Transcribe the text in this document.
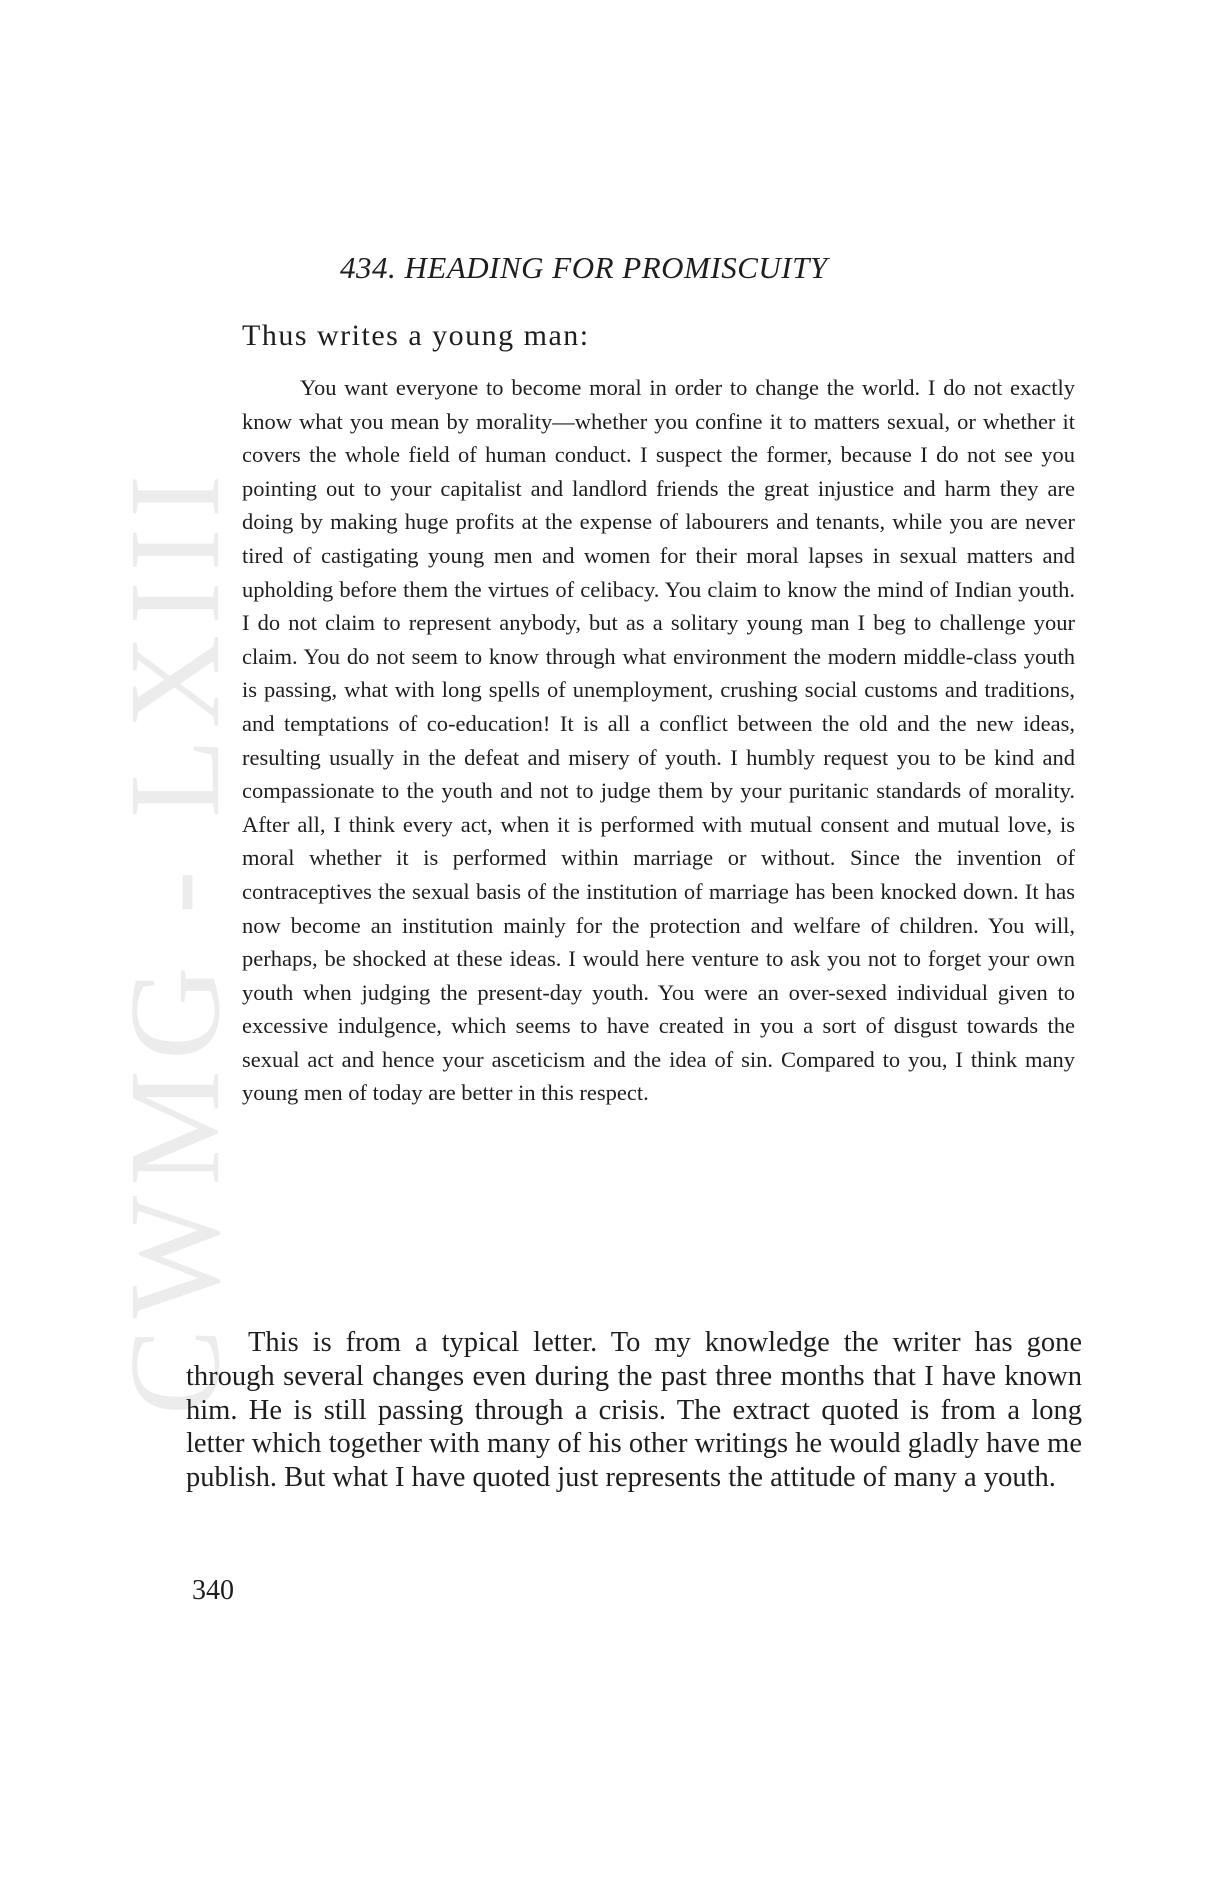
CWMG - LXIII
434. HEADING FOR PROMISCUITY
Thus writes a young man:

You want everyone to become moral in order to change the world. I do not exactly know what you mean by morality—whether you confine it to matters sexual, or whether it covers the whole field of human conduct. I suspect the former, because I do not see you pointing out to your capitalist and landlord friends the great injustice and harm they are doing by making huge profits at the expense of labourers and tenants, while you are never tired of castigating young men and women for their moral lapses in sexual matters and upholding before them the virtues of celibacy. You claim to know the mind of Indian youth. I do not claim to represent anybody, but as a solitary young man I beg to challenge your claim. You do not seem to know through what environment the modern middle-class youth is passing, what with long spells of unemployment, crushing social customs and traditions, and temptations of co-education! It is all a conflict between the old and the new ideas, resulting usually in the defeat and misery of youth. I humbly request you to be kind and compassionate to the youth and not to judge them by your puritanic standards of morality. After all, I think every act, when it is performed with mutual consent and mutual love, is moral whether it is performed within marriage or without. Since the invention of contraceptives the sexual basis of the institution of marriage has been knocked down. It has now become an institution mainly for the protection and welfare of children. You will, perhaps, be shocked at these ideas. I would here venture to ask you not to forget your own youth when judging the present-day youth. You were an over-sexed individual given to excessive indulgence, which seems to have created in you a sort of disgust towards the sexual act and hence your asceticism and the idea of sin. Compared to you, I think many young men of today are better in this respect.

This is from a typical letter. To my knowledge the writer has gone through several changes even during the past three months that I have known him. He is still passing through a crisis. The extract quoted is from a long letter which together with many of his other writings he would gladly have me publish. But what I have quoted just represents the attitude of many a youth.

340
